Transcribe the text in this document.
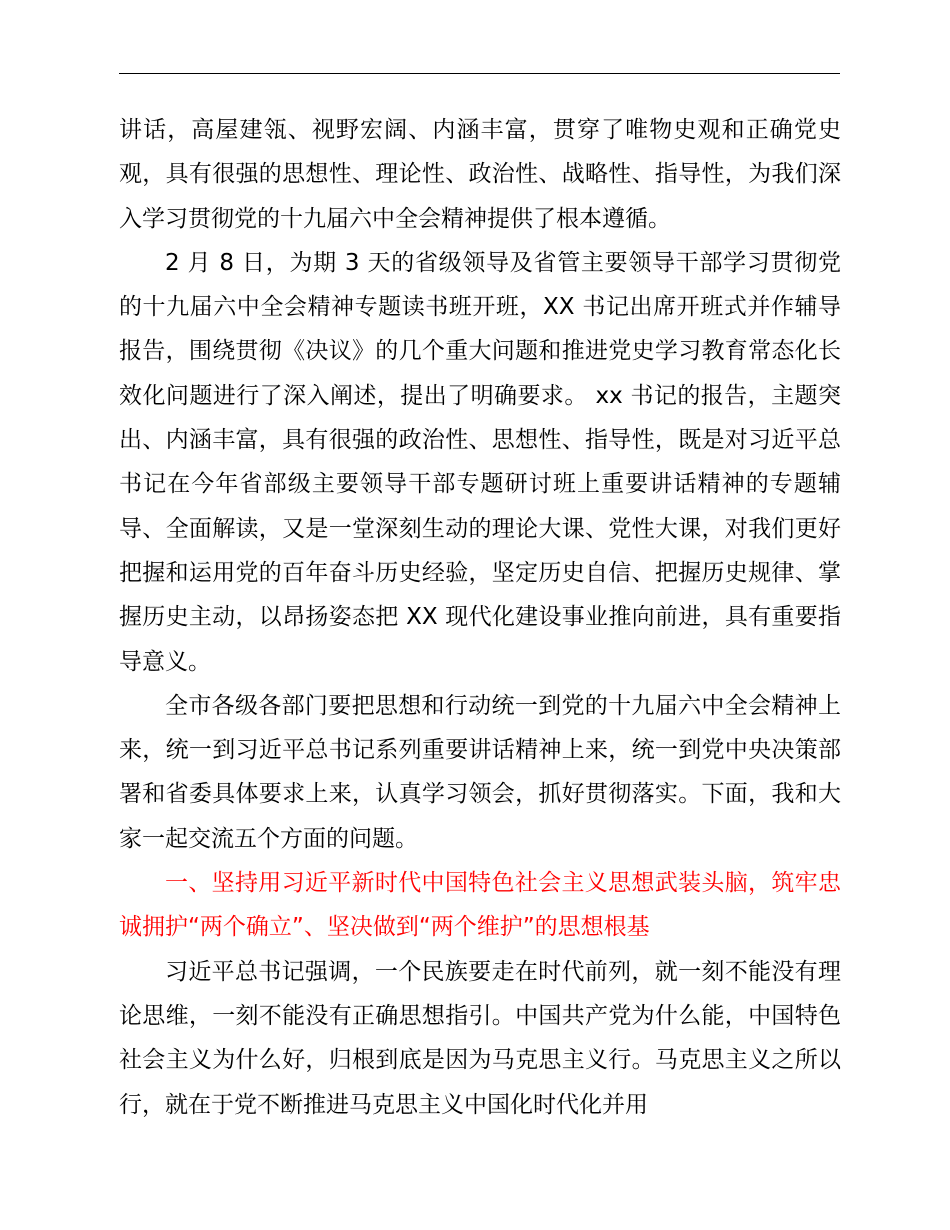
讲话，高屋建瓴、视野宏阔、内涵丰富，贯穿了唯物史观和正确党史观，具有很强的思想性、理论性、政治性、战略性、指导性，为我们深入学习贯彻党的十九届六中全会精神提供了根本遵循。

2 月 8 日，为期 3 天的省级领导及省管主要领导干部学习贯彻党的十九届六中全会精神专题读书班开班，XX 书记出席开班式并作辅导报告，围绕贯彻《决议》的几个重大问题和推进党史学习教育常态化长效化问题进行了深入阐述，提出了明确要求。 xx 书记的报告，主题突出、内涵丰富，具有很强的政治性、思想性、指导性，既是对习近平总书记在今年省部级主要领导干部专题研讨班上重要讲话精神的专题辅导、全面解读，又是一堂深刻生动的理论大课、党性大课，对我们更好把握和运用党的百年奋斗历史经验，坚定历史自信、把握历史规律、掌握历史主动，以昂扬姿态把 XX 现代化建设事业推向前进，具有重要指导意义。

全市各级各部门要把思想和行动统一到党的十九届六中全会精神上来，统一到习近平总书记系列重要讲话精神上来，统一到党中央决策部署和省委具体要求上来，认真学习领会，抓好贯彻落实。下面，我和大家一起交流五个方面的问题。

一、坚持用习近平新时代中国特色社会主义思想武装头脑，筑牢忠诚拥护“两个确立”、坚决做到“两个维护”的思想根基

习近平总书记强调，一个民族要走在时代前列，就一刻不能没有理论思维，一刻不能没有正确思想指引。中国共产党为什么能，中国特色社会主义为什么好，归根到底是因为马克思主义行。马克思主义之所以行，就在于党不断推进马克思主义中国化时代化并用
